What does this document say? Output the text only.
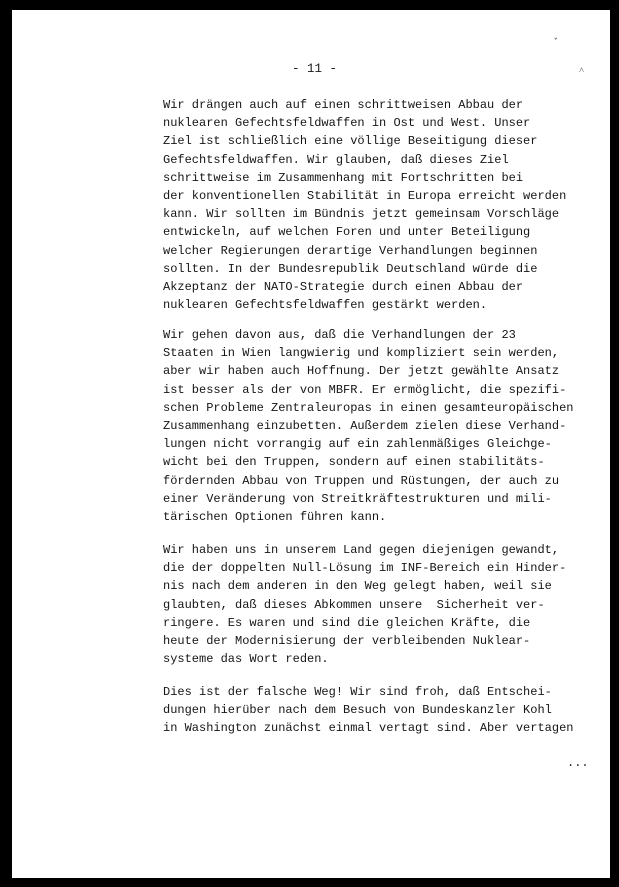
ˇ
˄
- 11 -

Wir drängen auch auf einen schrittweisen Abbau der
nuklearen Gefechtsfeldwaffen in Ost und West. Unser
Ziel ist schließlich eine völlige Beseitigung dieser
Gefechtsfeldwaffen. Wir glauben, daß dieses Ziel
schrittweise im Zusammenhang mit Fortschritten bei
der konventionellen Stabilität in Europa erreicht werden
kann. Wir sollten im Bündnis jetzt gemeinsam Vorschläge
entwickeln, auf welchen Foren und unter Beteiligung
welcher Regierungen derartige Verhandlungen beginnen
sollten. In der Bundesrepublik Deutschland würde die
Akzeptanz der NATO-Strategie durch einen Abbau der
nuklearen Gefechtsfeldwaffen gestärkt werden.

Wir gehen davon aus, daß die Verhandlungen der 23
Staaten in Wien langwierig und kompliziert sein werden,
aber wir haben auch Hoffnung. Der jetzt gewählte Ansatz
ist besser als der von MBFR. Er ermöglicht, die spezifi-
schen Probleme Zentraleuropas in einen gesamteuropäischen
Zusammenhang einzubetten. Außerdem zielen diese Verhand-
lungen nicht vorrangig auf ein zahlenmäßiges Gleichge-
wicht bei den Truppen, sondern auf einen stabilitäts-
fördernden Abbau von Truppen und Rüstungen, der auch zu
einer Veränderung von Streitkräftestrukturen und mili-
tärischen Optionen führen kann.

Wir haben uns in unserem Land gegen diejenigen gewandt,
die der doppelten Null-Lösung im INF-Bereich ein Hinder-
nis nach dem anderen in den Weg gelegt haben, weil sie
glaubten, daß dieses Abkommen unsere  Sicherheit ver-
ringere. Es waren und sind die gleichen Kräfte, die
heute der Modernisierung der verbleibenden Nuklear-
systeme das Wort reden.

Dies ist der falsche Weg! Wir sind froh, daß Entschei-
dungen hierüber nach dem Besuch von Bundeskanzler Kohl
in Washington zunächst einmal vertagt sind. Aber vertagen

...
